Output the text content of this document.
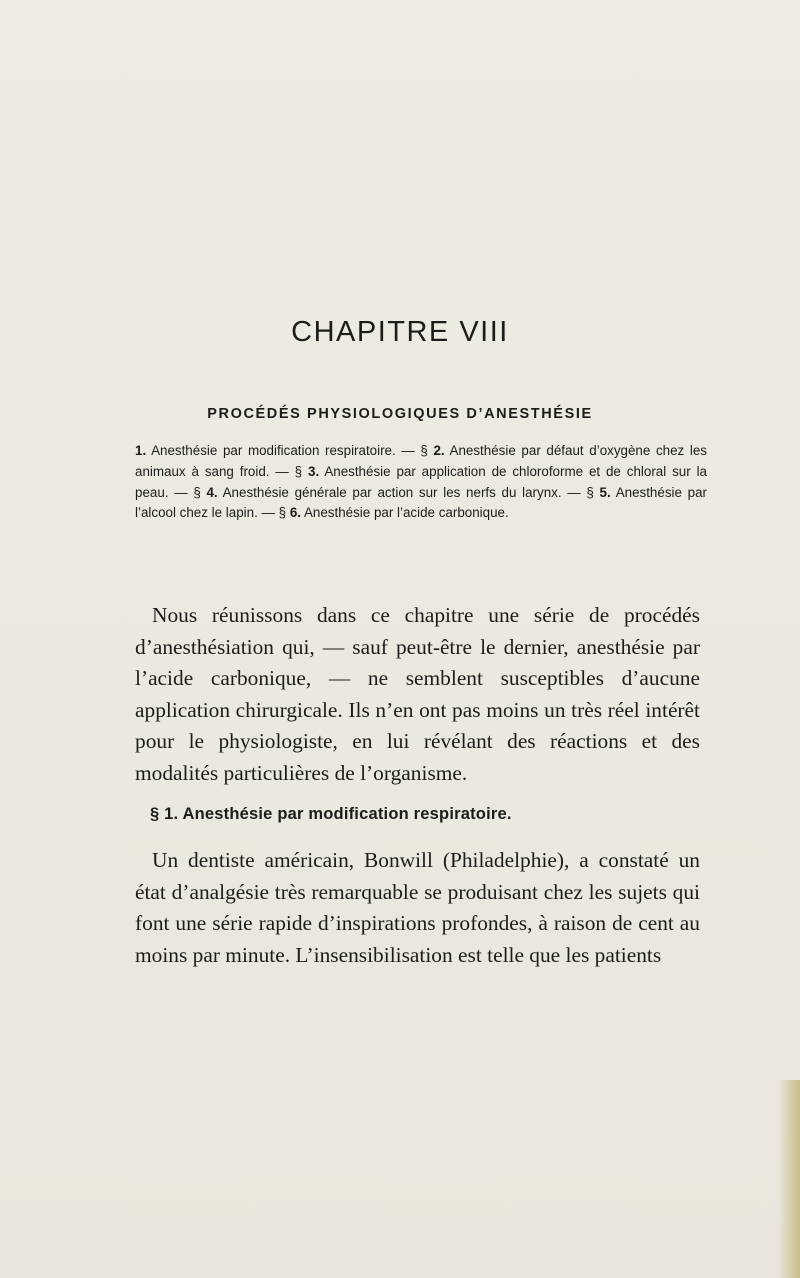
CHAPITRE VIII
PROCÉDÉS PHYSIOLOGIQUES D’ANESTHÉSIE

1. Anesthésie par modification respiratoire. — § 2. Anesthésie par défaut d’oxygène chez les animaux à sang froid. — § 3. Anesthésie par application de chloroforme et de chloral sur la peau. — § 4. Anesthésie générale par action sur les nerfs du larynx. — § 5. Anesthésie par l’alcool chez le lapin. — § 6. Anesthésie par l’acide carbonique.

Nous réunissons dans ce chapitre une série de procédés d’anesthésiation qui, — sauf peut-être le dernier, anesthésie par l’acide carbonique, — ne semblent susceptibles d’aucune application chirurgicale. Ils n’en ont pas moins un très réel intérêt pour le physiologiste, en lui révélant des réactions et des modalités particulières de l’organisme.

§ 1. Anesthésie par modification respiratoire.

Un dentiste américain, Bonwill (Philadelphie), a constaté un état d’analgésie très remarquable se produisant chez les sujets qui font une série rapide d’inspirations profondes, à raison de cent au moins par minute. L’insensibilisation est telle que les patients
